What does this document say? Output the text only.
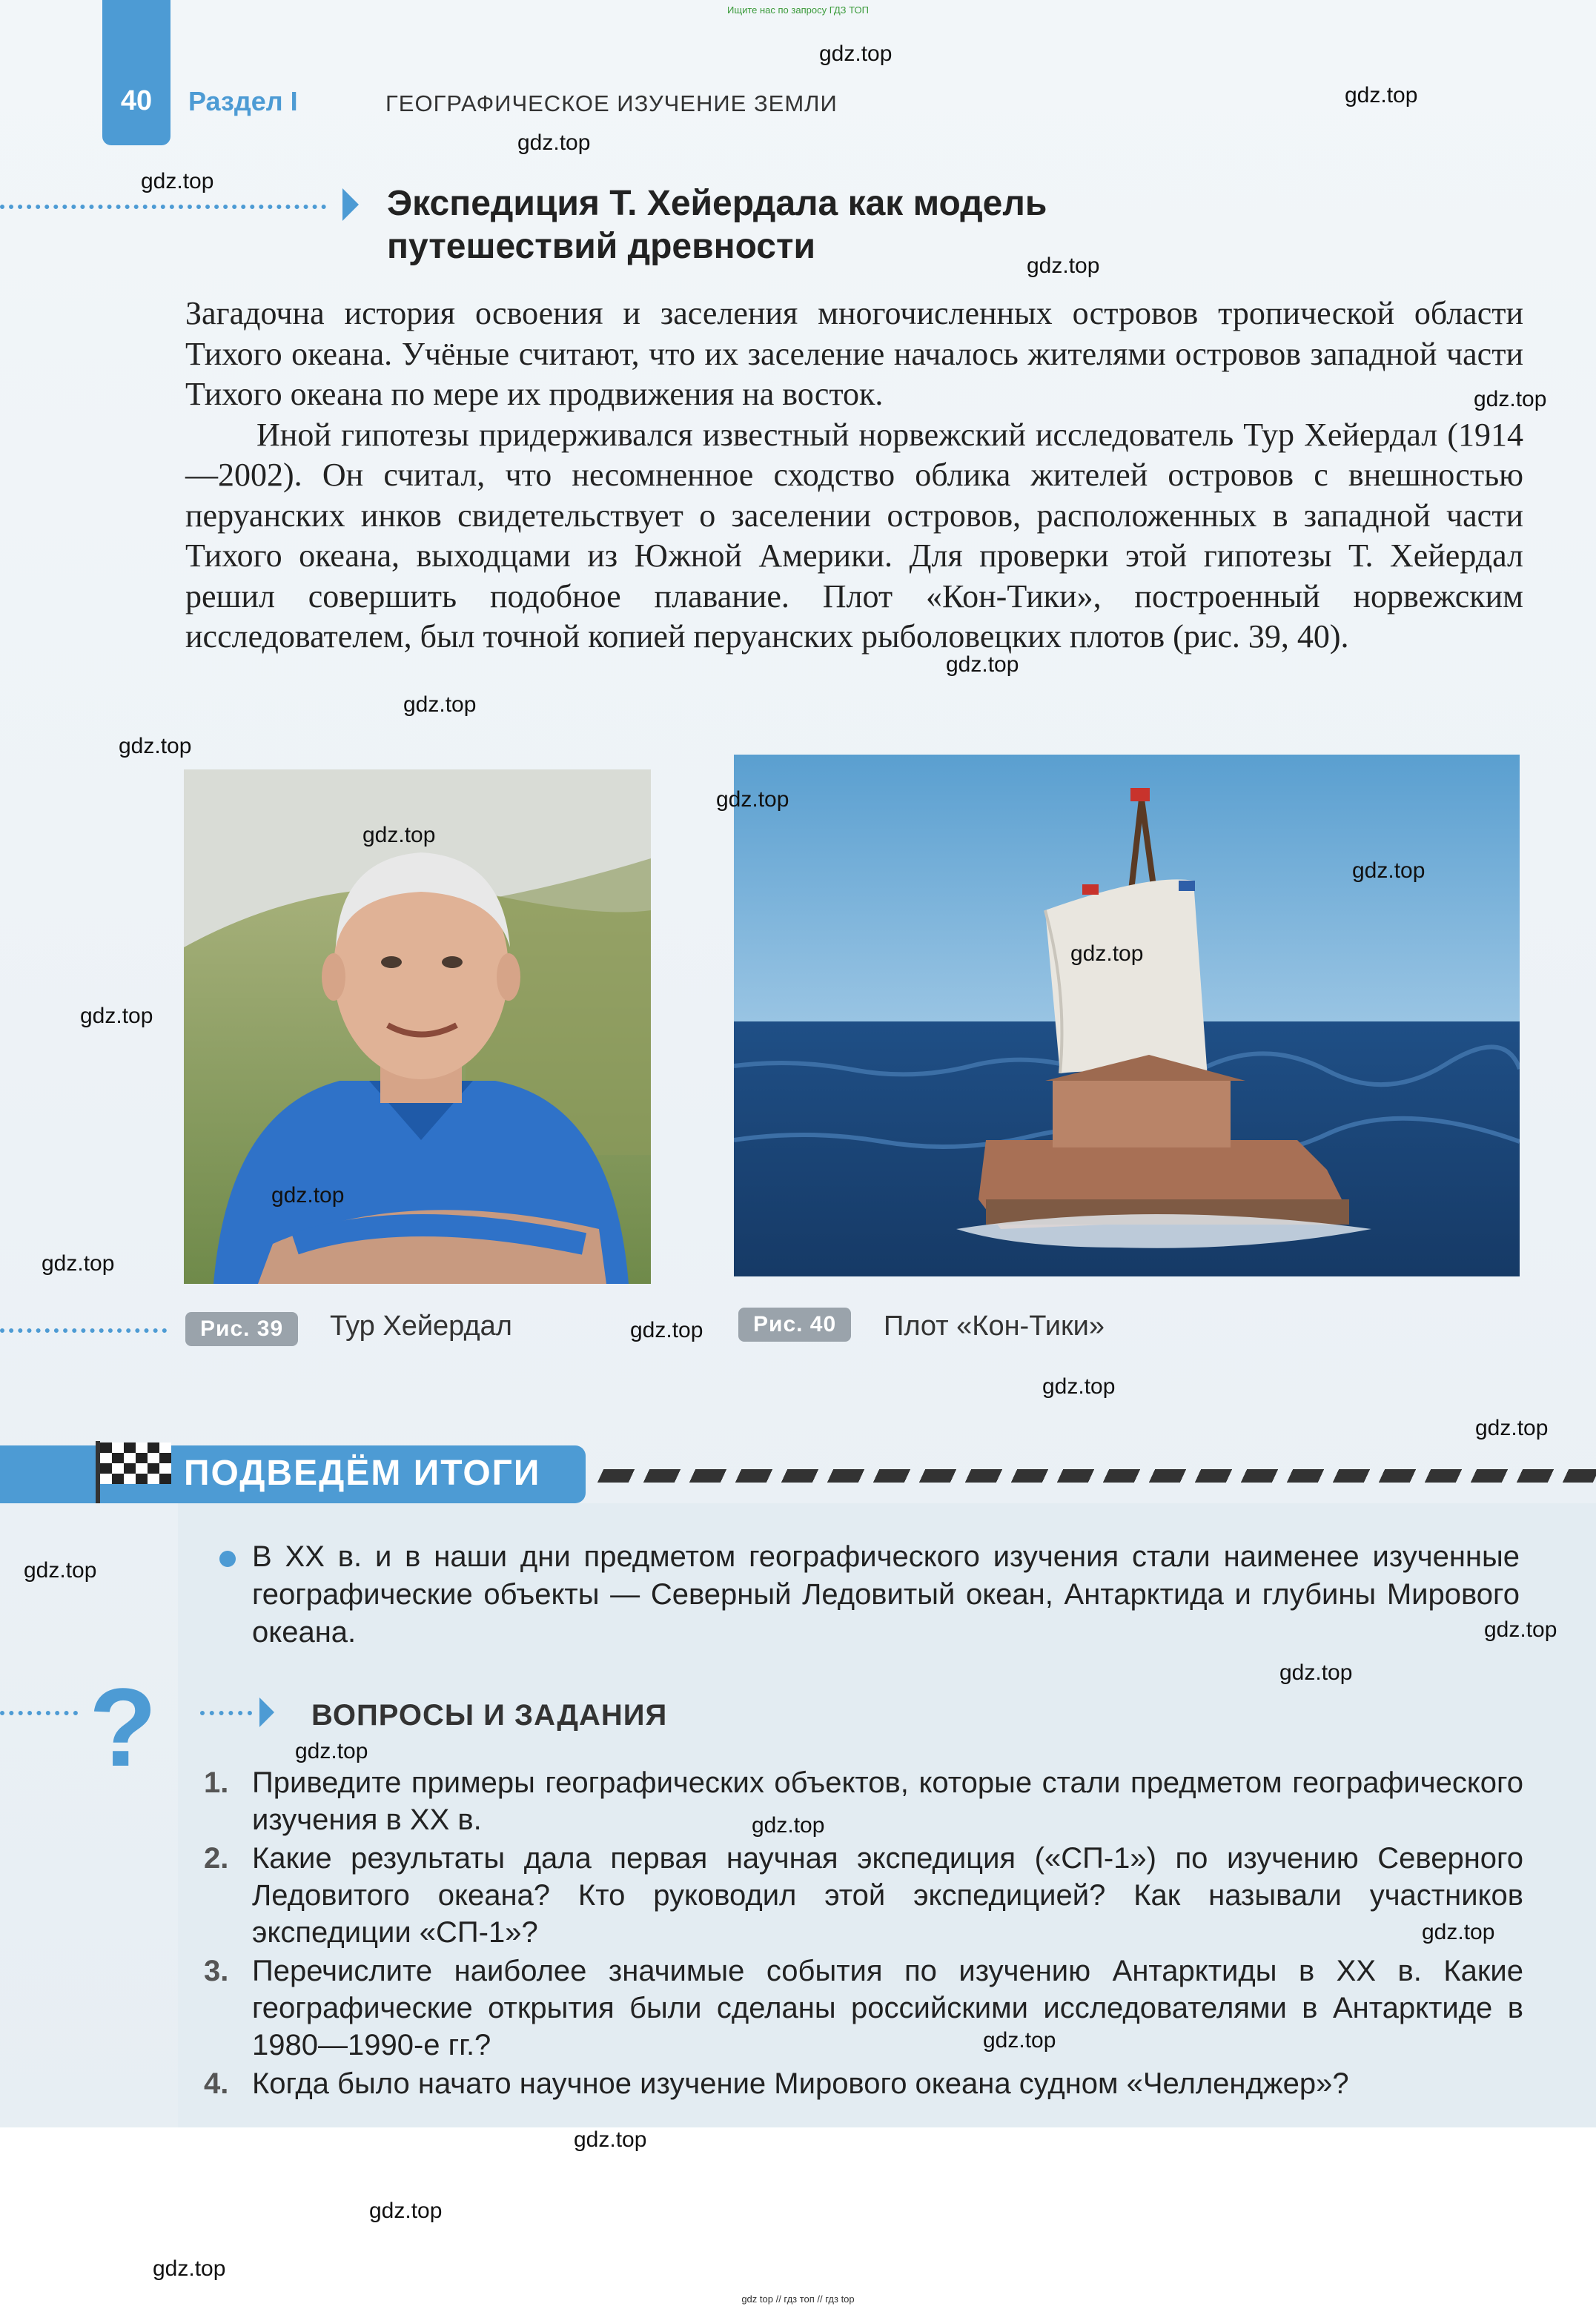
Ищите нас по запросу ГДЗ ТОП
40 Раздел I	ГЕОГРАФИЧЕСКОЕ ИЗУЧЕНИЕ ЗЕМЛИ
Экспедиция Т. Хейердала как модель
путешествий древности

Загадочна история освоения и заселения многочисленных островов тропической области Тихого океана. Учёные считают, что их заселение началось жителями островов западной части Тихого океана по мере их продвижения на восток.

Иной гипотезы придерживался известный норвежский исследователь Тур Хейердал (1914—2002). Он считал, что несомненное сходство облика жителей островов с внешностью перуанских инков свидетельствует о заселении островов, расположенных в западной части Тихого океана, выходцами из Южной Америки. Для проверки этой гипотезы Т. Хейердал решил совершить подобное плавание. Плот «Кон-Тики», построенный норвежским исследователем, был точной копией перуанских рыболовецких плотов (рис. 39, 40).

Рис. 39	Тур Хейердал	Рис. 40	Плот «Кон-Тики»
ПОДВЕДЁМ ИТОГИ
В XX в. и в наши дни предметом географического изучения стали наименее изученные географические объекты — Северный Ледовитый океан, Антарктида и глубины Мирового океана.
?	ВОПРОСЫ И ЗАДАНИЯ
1. Приведите примеры географических объектов, которые стали предметом географического изучения в XX в.
2. Какие результаты дала первая научная экспедиция («СП-1») по изучению Северного Ледовитого океана? Кто руководил этой экспедицией? Как называли участников экспедиции «СП-1»?
3. Перечислите наиболее значимые события по изучению Антарктиды в XX в. Какие географические открытия были сделаны российскими исследователями в Антарктиде в 1980—1990-е гг.?
4. Когда было начато научное изучение Мирового океана судном «Челленджер»?
gdz.top
gdz.top
gdz.top
gdz.top
gdz.top
gdz.top
gdz.top
gdz.top
gdz.top
gdz.top
gdz.top
gdz.top
gdz.top
gdz.top
gdz.top
gdz.top
gdz.top
gdz.top
gdz.top
gdz.top
gdz.top
gdz.top
gdz.top
gdz.top
gdz.top
gdz.top
gdz.top
gdz.top
gdz.top
gdz top // гдз топ // гдз top
